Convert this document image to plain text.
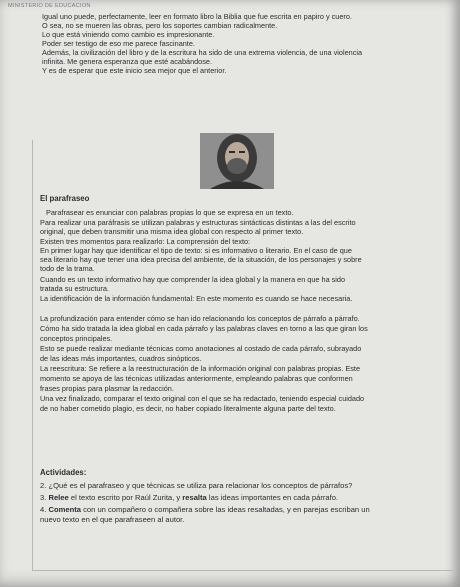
MINISTERIO DE EDUCACION
Igual uno puede, perfectamente, leer en formato libro la Biblia que fue escrita en papiro y cuero.
O sea, no se mueren las obras, pero los soportes cambian radicalmente.
Lo que está viniendo como cambio es impresionante.
Poder ser testigo de eso me parece fascinante.
Además, la civilización del libro y de la escritura ha sido de una extrema violencia, de una violencia
infinita. Me genera esperanza que esté acabándose.
Y es de esperar que este inicio sea mejor que el anterior.
El parafraseo
Parafrasear es enunciar con palabras propias lo que se expresa en un texto.
Para realizar una paráfrasis se utilizan palabras y estructuras sintácticas distintas a las del escrito
original, que deben transmitir una misma idea global con respecto al primer texto.
Existen tres momentos para realizarlo: La comprensión del texto:
En primer lugar hay que identificar el tipo de texto: si es informativo o literario. En el caso de que
sea literario hay que tener una idea precisa del ambiente, de la situación, de los personajes y sobre
todo de la trama.
Cuando es un texto informativo hay que comprender la idea global y la manera en que ha sido
tratada su estructura.
La identificación de la información fundamental: En este momento es cuando se hace necesaria.
La profundización para entender cómo se han ido relacionando los conceptos de párrafo a párrafo.
Cómo ha sido tratada la idea global en cada párrafo y las palabras claves en torno a las que giran los
conceptos principales.
Esto se puede realizar mediante técnicas como anotaciones al costado de cada párrafo, subrayado
de las ideas más importantes, cuadros sinópticos.
La reescritura: Se refiere a la reestructuración de la información original con palabras propias. Este
momento se apoya de las técnicas utilizadas anteriormente, empleando palabras que conformen
frases propias para plasmar la redacción.
Una vez finalizado, comparar el texto original con el que se ha redactado, teniendo especial cuidado
de no haber cometido plagio, es decir, no haber copiado literalmente alguna parte del texto.
Actividades:
2. ¿Qué es el parafraseo y que técnicas se utiliza para relacionar los conceptos de párrafos?
3. Relee el texto escrito por Raúl Zurita, y resalta las ideas importantes en cada párrafo.
4. Comenta con un compañero o compañera sobre las ideas resaltadas, y en parejas escriban un
nuevo texto en el que parafraseen al autor.
